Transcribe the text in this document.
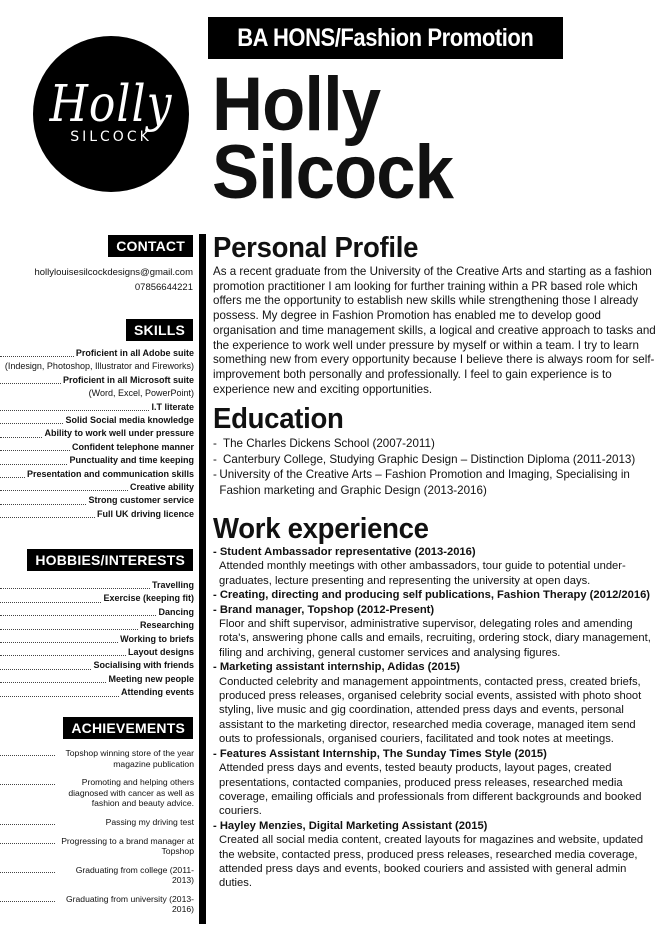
Holly
SILCOCK
BA HONS/Fashion Promotion
Holly
Silcock
CONTACT
hollylouisesilcockdesigns@gmail.com
07856644221
SKILLS
Proficient in all Adobe suite
(Indesign, Photoshop, Illustrator and Fireworks)
Proficient in all Microsoft suite
(Word, Excel, PowerPoint)
I.T literate
Solid Social media knowledge
Ability to work well under pressure
Confident telephone manner
Punctuality and time keeping
Presentation and communication skills
Creative ability
Strong customer service
Full UK driving licence
HOBBIES/INTERESTS
Travelling
Exercise (keeping fit)
Dancing
Researching
Working to briefs
Layout designs
Socialising with friends
Meeting new people
Attending events
ACHIEVEMENTS
Topshop winning store of the year magazine publication
Promoting and helping others diagnosed with cancer as well as fashion and beauty advice.
Passing my driving test
Progressing to a brand manager at Topshop
Graduating from college (2011-2013)
Graduating from university (2013-2016)
Personal Profile
As a recent graduate from the University of the Creative Arts and starting as a fashion promotion practitioner I am looking for further training within a PR based role which offers me the opportunity to establish new skills while strengthening those I already possess. My degree in Fashion Promotion has enabled me to develop good organisation and time management skills, a logical and creative approach to tasks and the experience to work well under pressure by myself or within a team. I try to learn something new from every opportunity because I believe there is always room for self-improvement both personally and professionally. I feel to gain experience is to experience new and exciting opportunities.
Education
- The Charles Dickens School (2007-2011)
- Canterbury College, Studying Graphic Design – Distinction Diploma (2011-2013)
- University of the Creative Arts – Fashion Promotion and Imaging, Specialising in Fashion marketing and Graphic Design (2013-2016)
Work experience
- Student Ambassador representative (2013-2016)
Attended monthly meetings with other ambassadors, tour guide to potential under-graduates, lecture presenting and representing the university at open days.
- Creating, directing and producing self publications, Fashion Therapy (2012/2016)
- Brand manager, Topshop (2012-Present)
Floor and shift supervisor, administrative supervisor, delegating roles and amending rota's, answering phone calls and emails, recruiting, ordering stock, diary management, filing and archiving, general customer services and analysing figures.
- Marketing assistant internship, Adidas (2015)
Conducted celebrity and management appointments, contacted press, created briefs, produced press releases, organised celebrity social events, assisted with photo shoot styling, live music and gig coordination, attended press days and events, personal assistant to the marketing director, researched media coverage, managed item send outs to professionals, organised couriers, facilitated and took notes at meetings.
- Features Assistant Internship, The Sunday Times Style (2015)
Attended press days and events, tested beauty products, layout pages, created presentations, contacted companies, produced press releases, researched media coverage, emailing officials and professionals from different backgrounds and booked couriers.
- Hayley Menzies, Digital Marketing Assistant (2015)
Created all social media content, created layouts for magazines and website, updated the website, contacted press, produced press releases, researched media coverage, attended press days and events, booked couriers and assisted with general admin duties.
